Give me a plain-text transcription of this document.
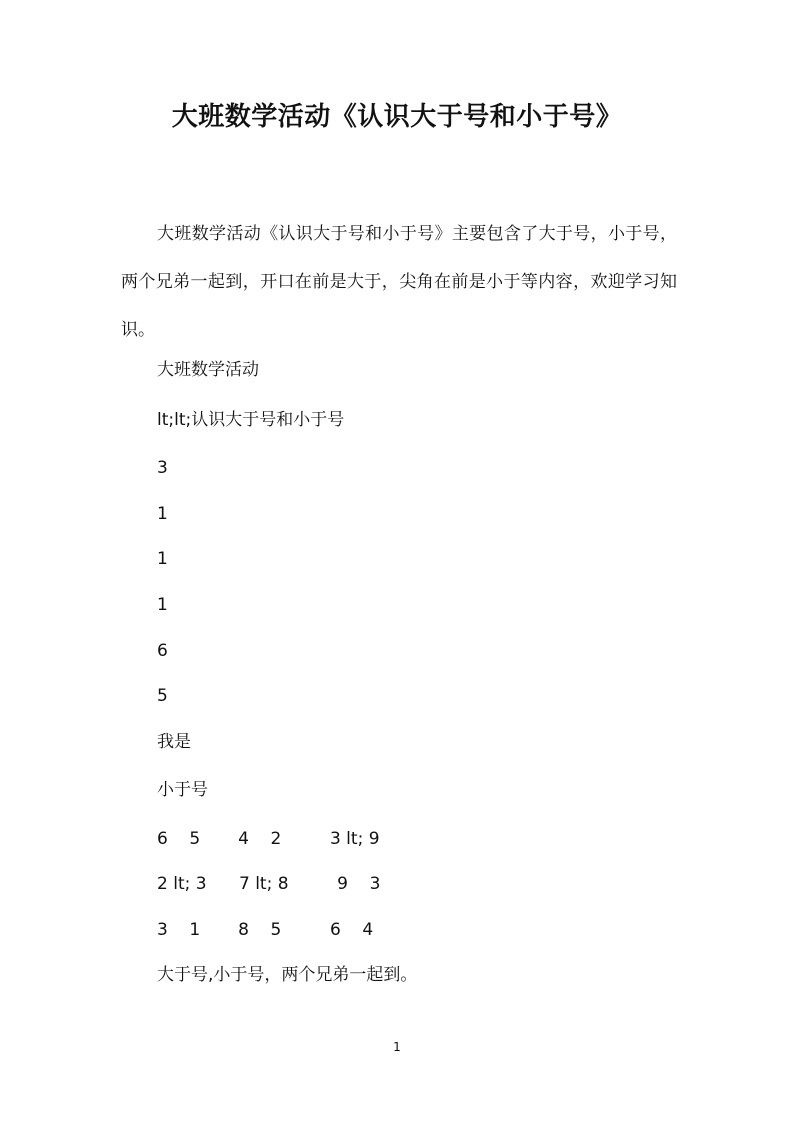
大班数学活动《认识大于号和小于号》

大班数学活动《认识大于号和小于号》主要包含了大于号，小于号，两个兄弟一起到，开口在前是大于，尖角在前是小于等内容，欢迎学习知识。

大班数学活动

lt;lt;认识大于号和小于号

3

1

1

1

6

5

我是

小于号

6    5       4    2         3 lt; 9

2 lt; 3      7 lt; 8         9    3

3    1       8    5         6    4

大于号,小于号，两个兄弟一起到。

1
